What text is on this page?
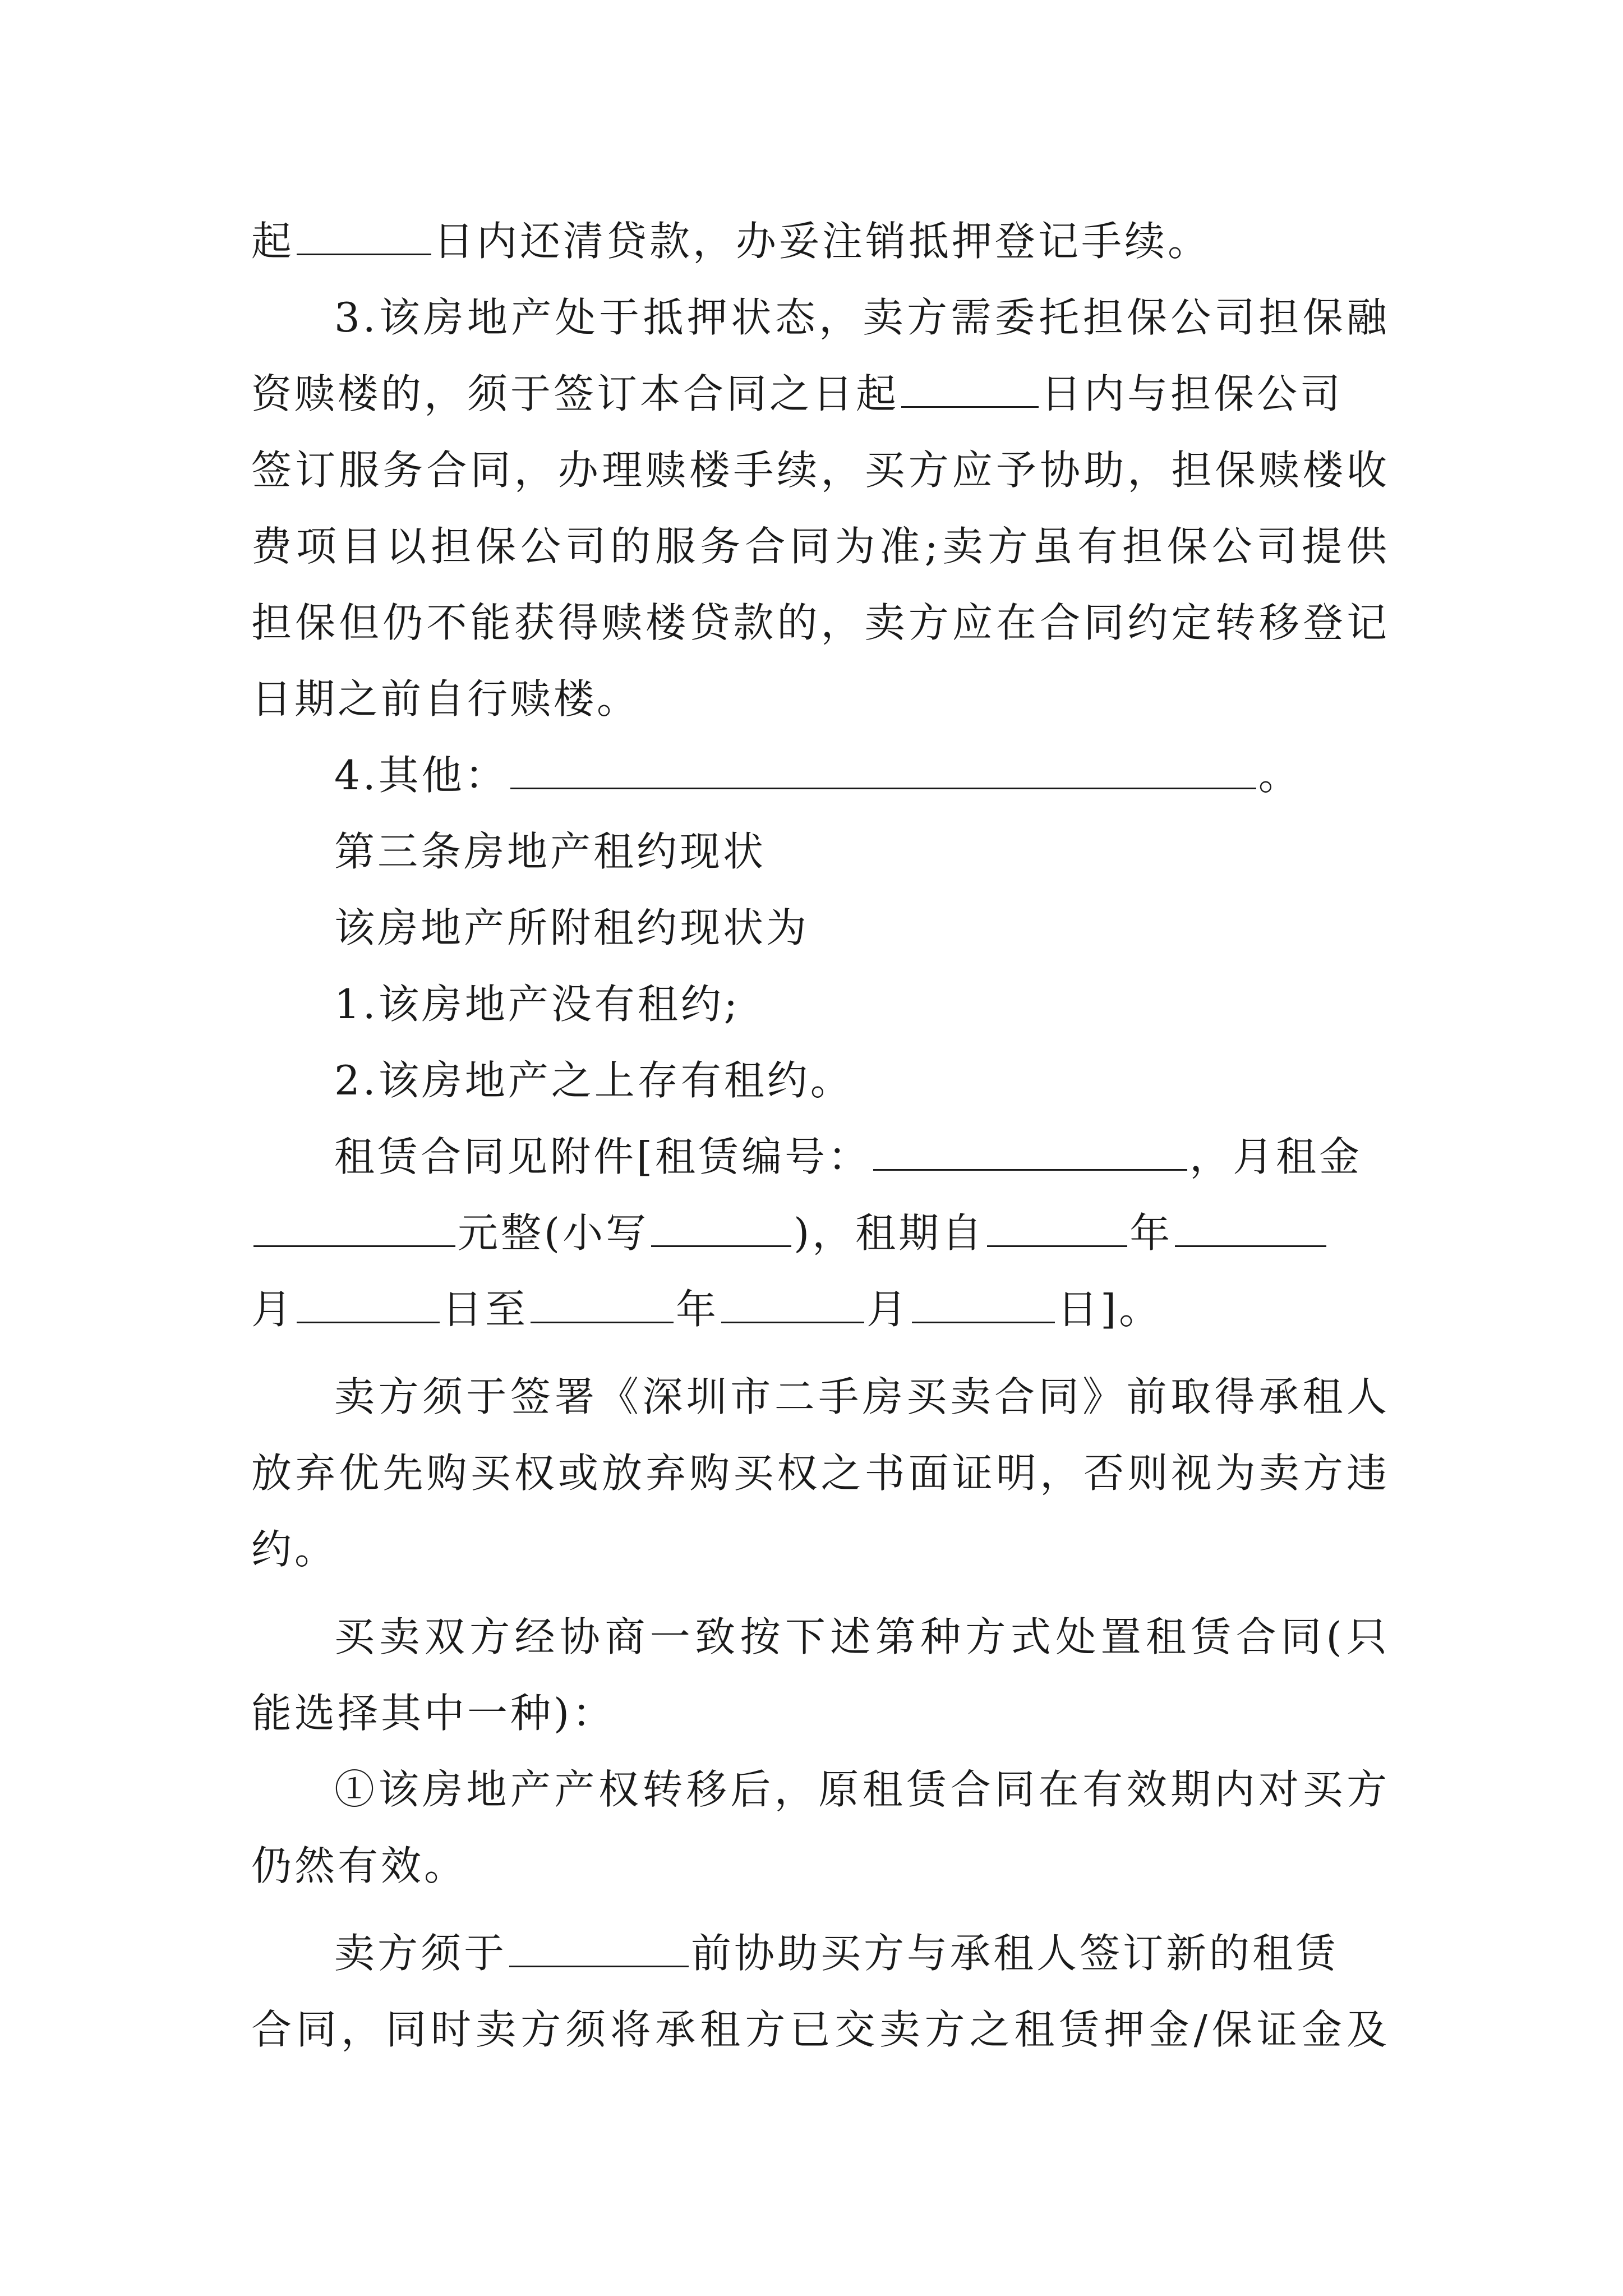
起	日内还清贷款，办妥注销抵押登记手续。
3.该房地产处于抵押状态，卖方需委托担保公司担保融
资赎楼的，须于签订本合同之日起	日内与担保公司
签订服务合同，办理赎楼手续，买方应予协助，担保赎楼收
费项目以担保公司的服务合同为准;卖方虽有担保公司提供
担保但仍不能获得赎楼贷款的，卖方应在合同约定转移登记
日期之前自行赎楼。
4.其他：	。
第三条房地产租约现状
该房地产所附租约现状为
1.该房地产没有租约;
2.该房地产之上存有租约。
租赁合同见附件[租赁编号：	，月租金
元整(小写	)，租期自	年
月	日至	年	月	日]。
卖方须于签署《深圳市二手房买卖合同》前取得承租人
放弃优先购买权或放弃购买权之书面证明，否则视为卖方违
约。
买卖双方经协商一致按下述第种方式处置租赁合同(只
能选择其中一种)：
①该房地产产权转移后，原租赁合同在有效期内对买方
仍然有效。
卖方须于	前协助买方与承租人签订新的租赁
合同，同时卖方须将承租方已交卖方之租赁押金/保证金及
